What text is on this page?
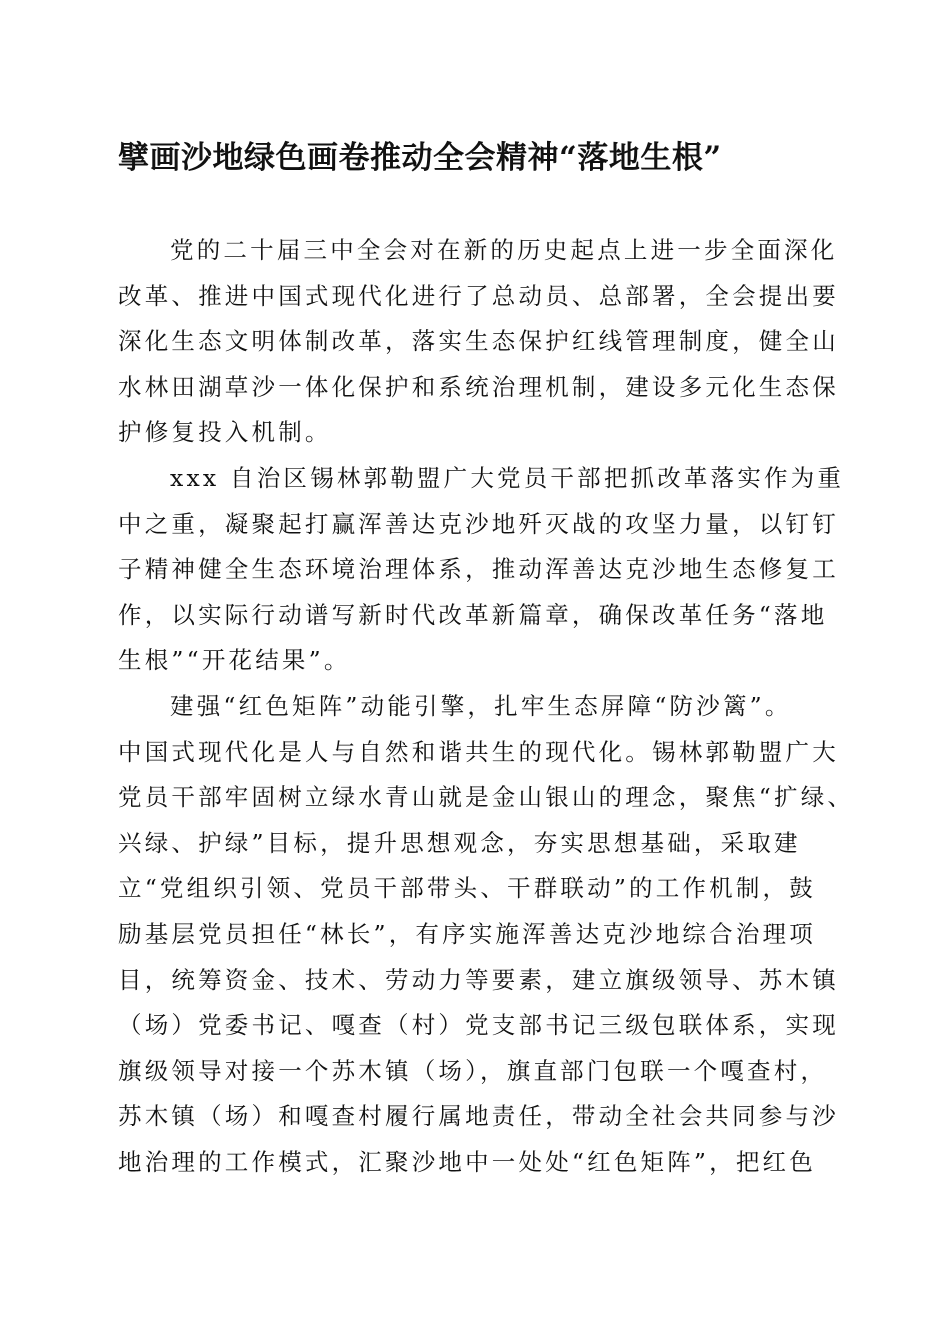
擘画沙地绿色画卷推动全会精神“落地生根”
党的二十届三中全会对在新的历史起点上进一步全面深化
改革、推进中国式现代化进行了总动员、总部署，全会提出要
深化生态文明体制改革，落实生态保护红线管理制度，健全山
水林田湖草沙一体化保护和系统治理机制，建设多元化生态保
护修复投入机制。
xxx 自治区锡林郭勒盟广大党员干部把抓改革落实作为重
中之重，凝聚起打赢浑善达克沙地歼灭战的攻坚力量，以钉钉
子精神健全生态环境治理体系，推动浑善达克沙地生态修复工
作，以实际行动谱写新时代改革新篇章，确保改革任务“落地
生根”“开花结果”。
建强“红色矩阵”动能引擎，扎牢生态屏障“防沙篱”。
中国式现代化是人与自然和谐共生的现代化。锡林郭勒盟广大
党员干部牢固树立绿水青山就是金山银山的理念，聚焦“扩绿、
兴绿、护绿”目标，提升思想观念，夯实思想基础，采取建
立“党组织引领、党员干部带头、干群联动”的工作机制，鼓
励基层党员担任“林长”，有序实施浑善达克沙地综合治理项
目，统筹资金、技术、劳动力等要素，建立旗级领导、苏木镇
（场）党委书记、嘎查（村）党支部书记三级包联体系，实现
旗级领导对接一个苏木镇（场），旗直部门包联一个嘎查村，
苏木镇（场）和嘎查村履行属地责任，带动全社会共同参与沙
地治理的工作模式，汇聚沙地中一处处“红色矩阵”，把红色
